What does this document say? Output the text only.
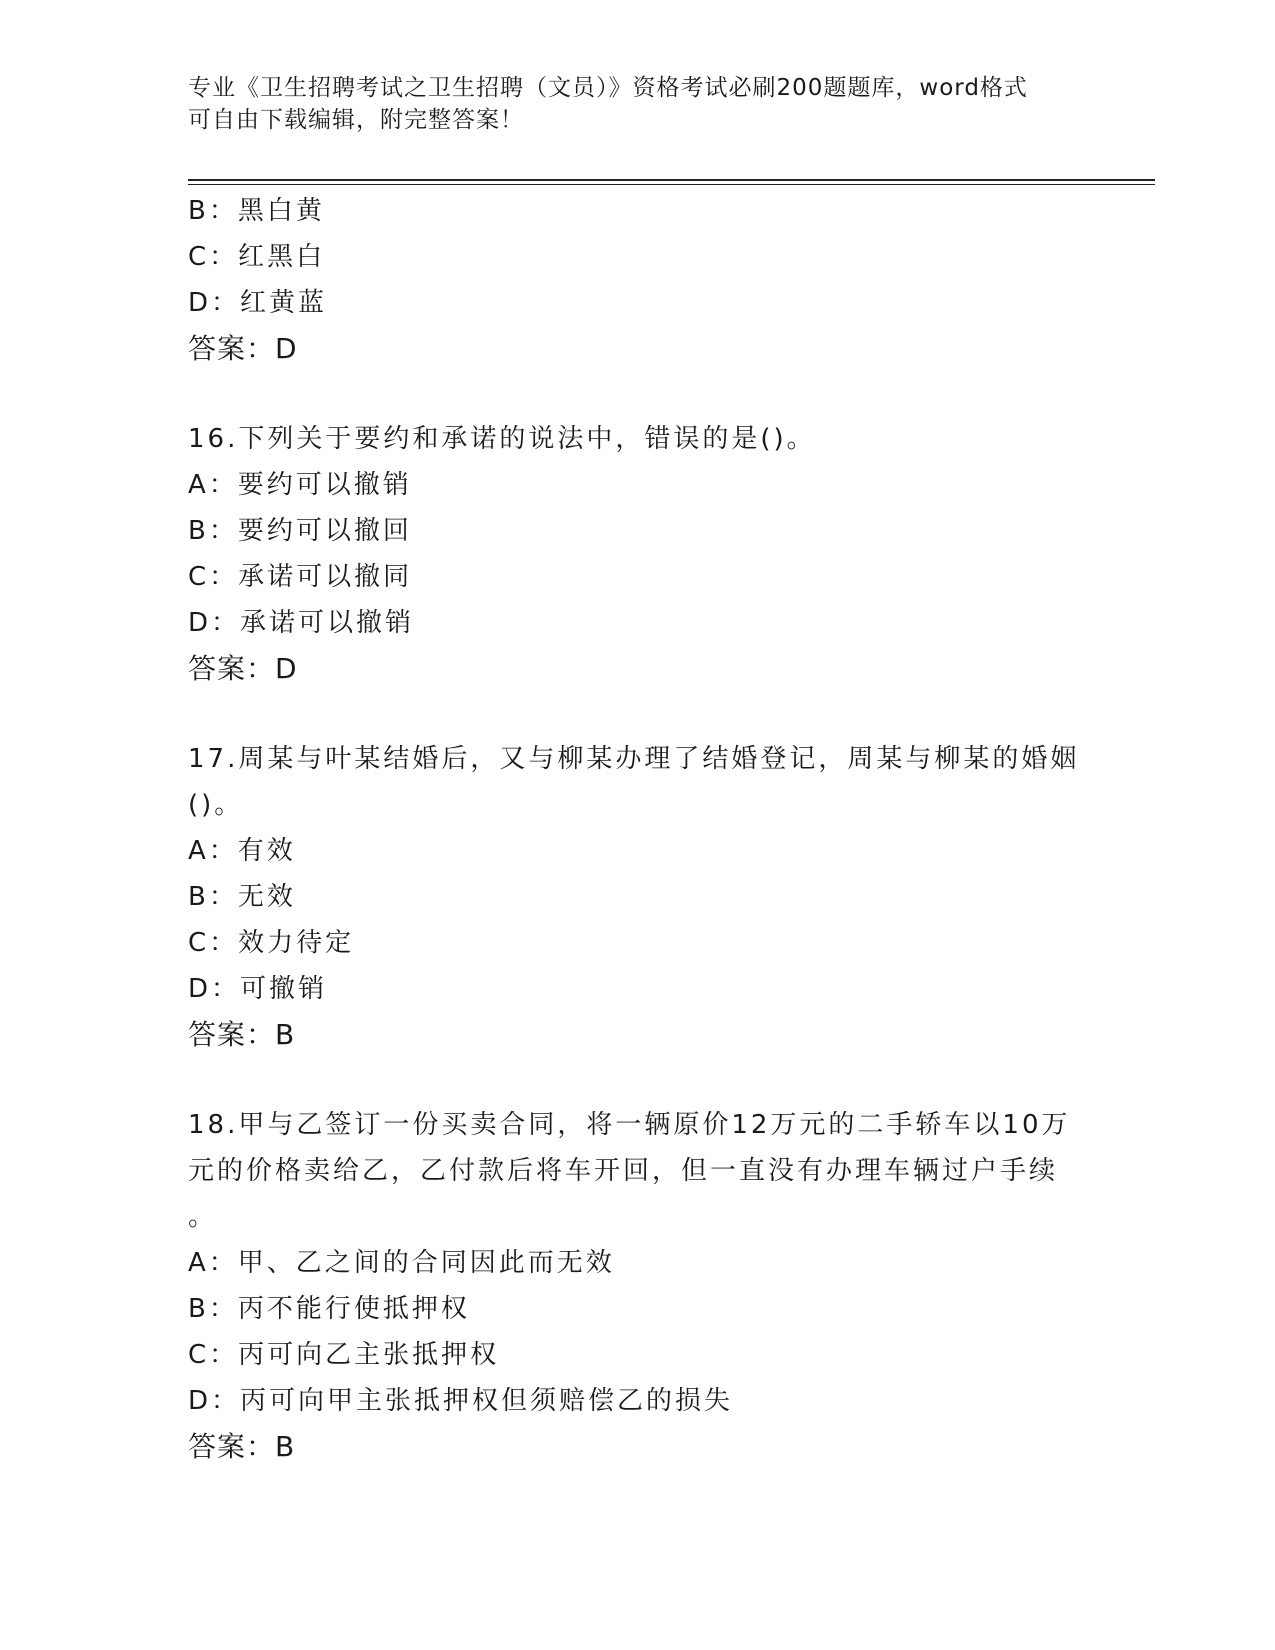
专业《卫生招聘考试之卫生招聘（文员）》资格考试必刷200题题库，word格式
可自由下载编辑，附完整答案！
B：黑白黄
C：红黑白
D：红黄蓝
答案：D
16.下列关于要约和承诺的说法中，错误的是()。
A：要约可以撤销
B：要约可以撤回
C：承诺可以撤同
D：承诺可以撤销
答案：D
17.周某与叶某结婚后，又与柳某办理了结婚登记，周某与柳某的婚姻
()。
A：有效
B：无效
C：效力待定
D：可撤销
答案：B
18.甲与乙签订一份买卖合同，将一辆原价12万元的二手轿车以10万
元的价格卖给乙，乙付款后将车开回，但一直没有办理车辆过户手续
。
A：甲、乙之间的合同因此而无效
B：丙不能行使抵押权
C：丙可向乙主张抵押权
D：丙可向甲主张抵押权但须赔偿乙的损失
答案：B
